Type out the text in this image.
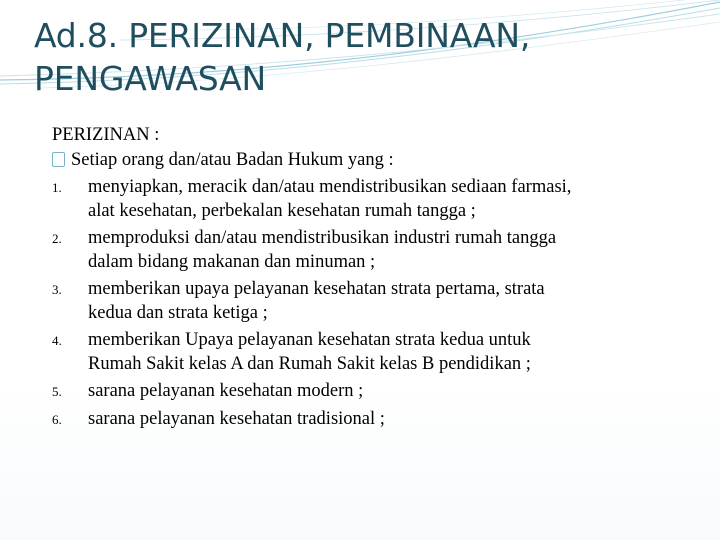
Ad.8. PERIZINAN, PEMBINAAN,
PENGAWASAN
PERIZINAN :
Setiap orang dan/atau Badan Hukum yang :
1.	menyiapkan, meracik dan/atau mendistribusikan sediaan farmasi,
alat kesehatan, perbekalan kesehatan rumah tangga ;
2.	memproduksi dan/atau mendistribusikan industri rumah tangga
dalam bidang makanan dan minuman ;
3.	memberikan upaya pelayanan kesehatan strata pertama, strata
kedua dan strata ketiga ;
4.	memberikan Upaya pelayanan kesehatan strata kedua untuk
Rumah Sakit kelas A dan Rumah Sakit kelas B pendidikan ;
5.	sarana pelayanan kesehatan modern ;
6.	sarana pelayanan kesehatan tradisional ;
